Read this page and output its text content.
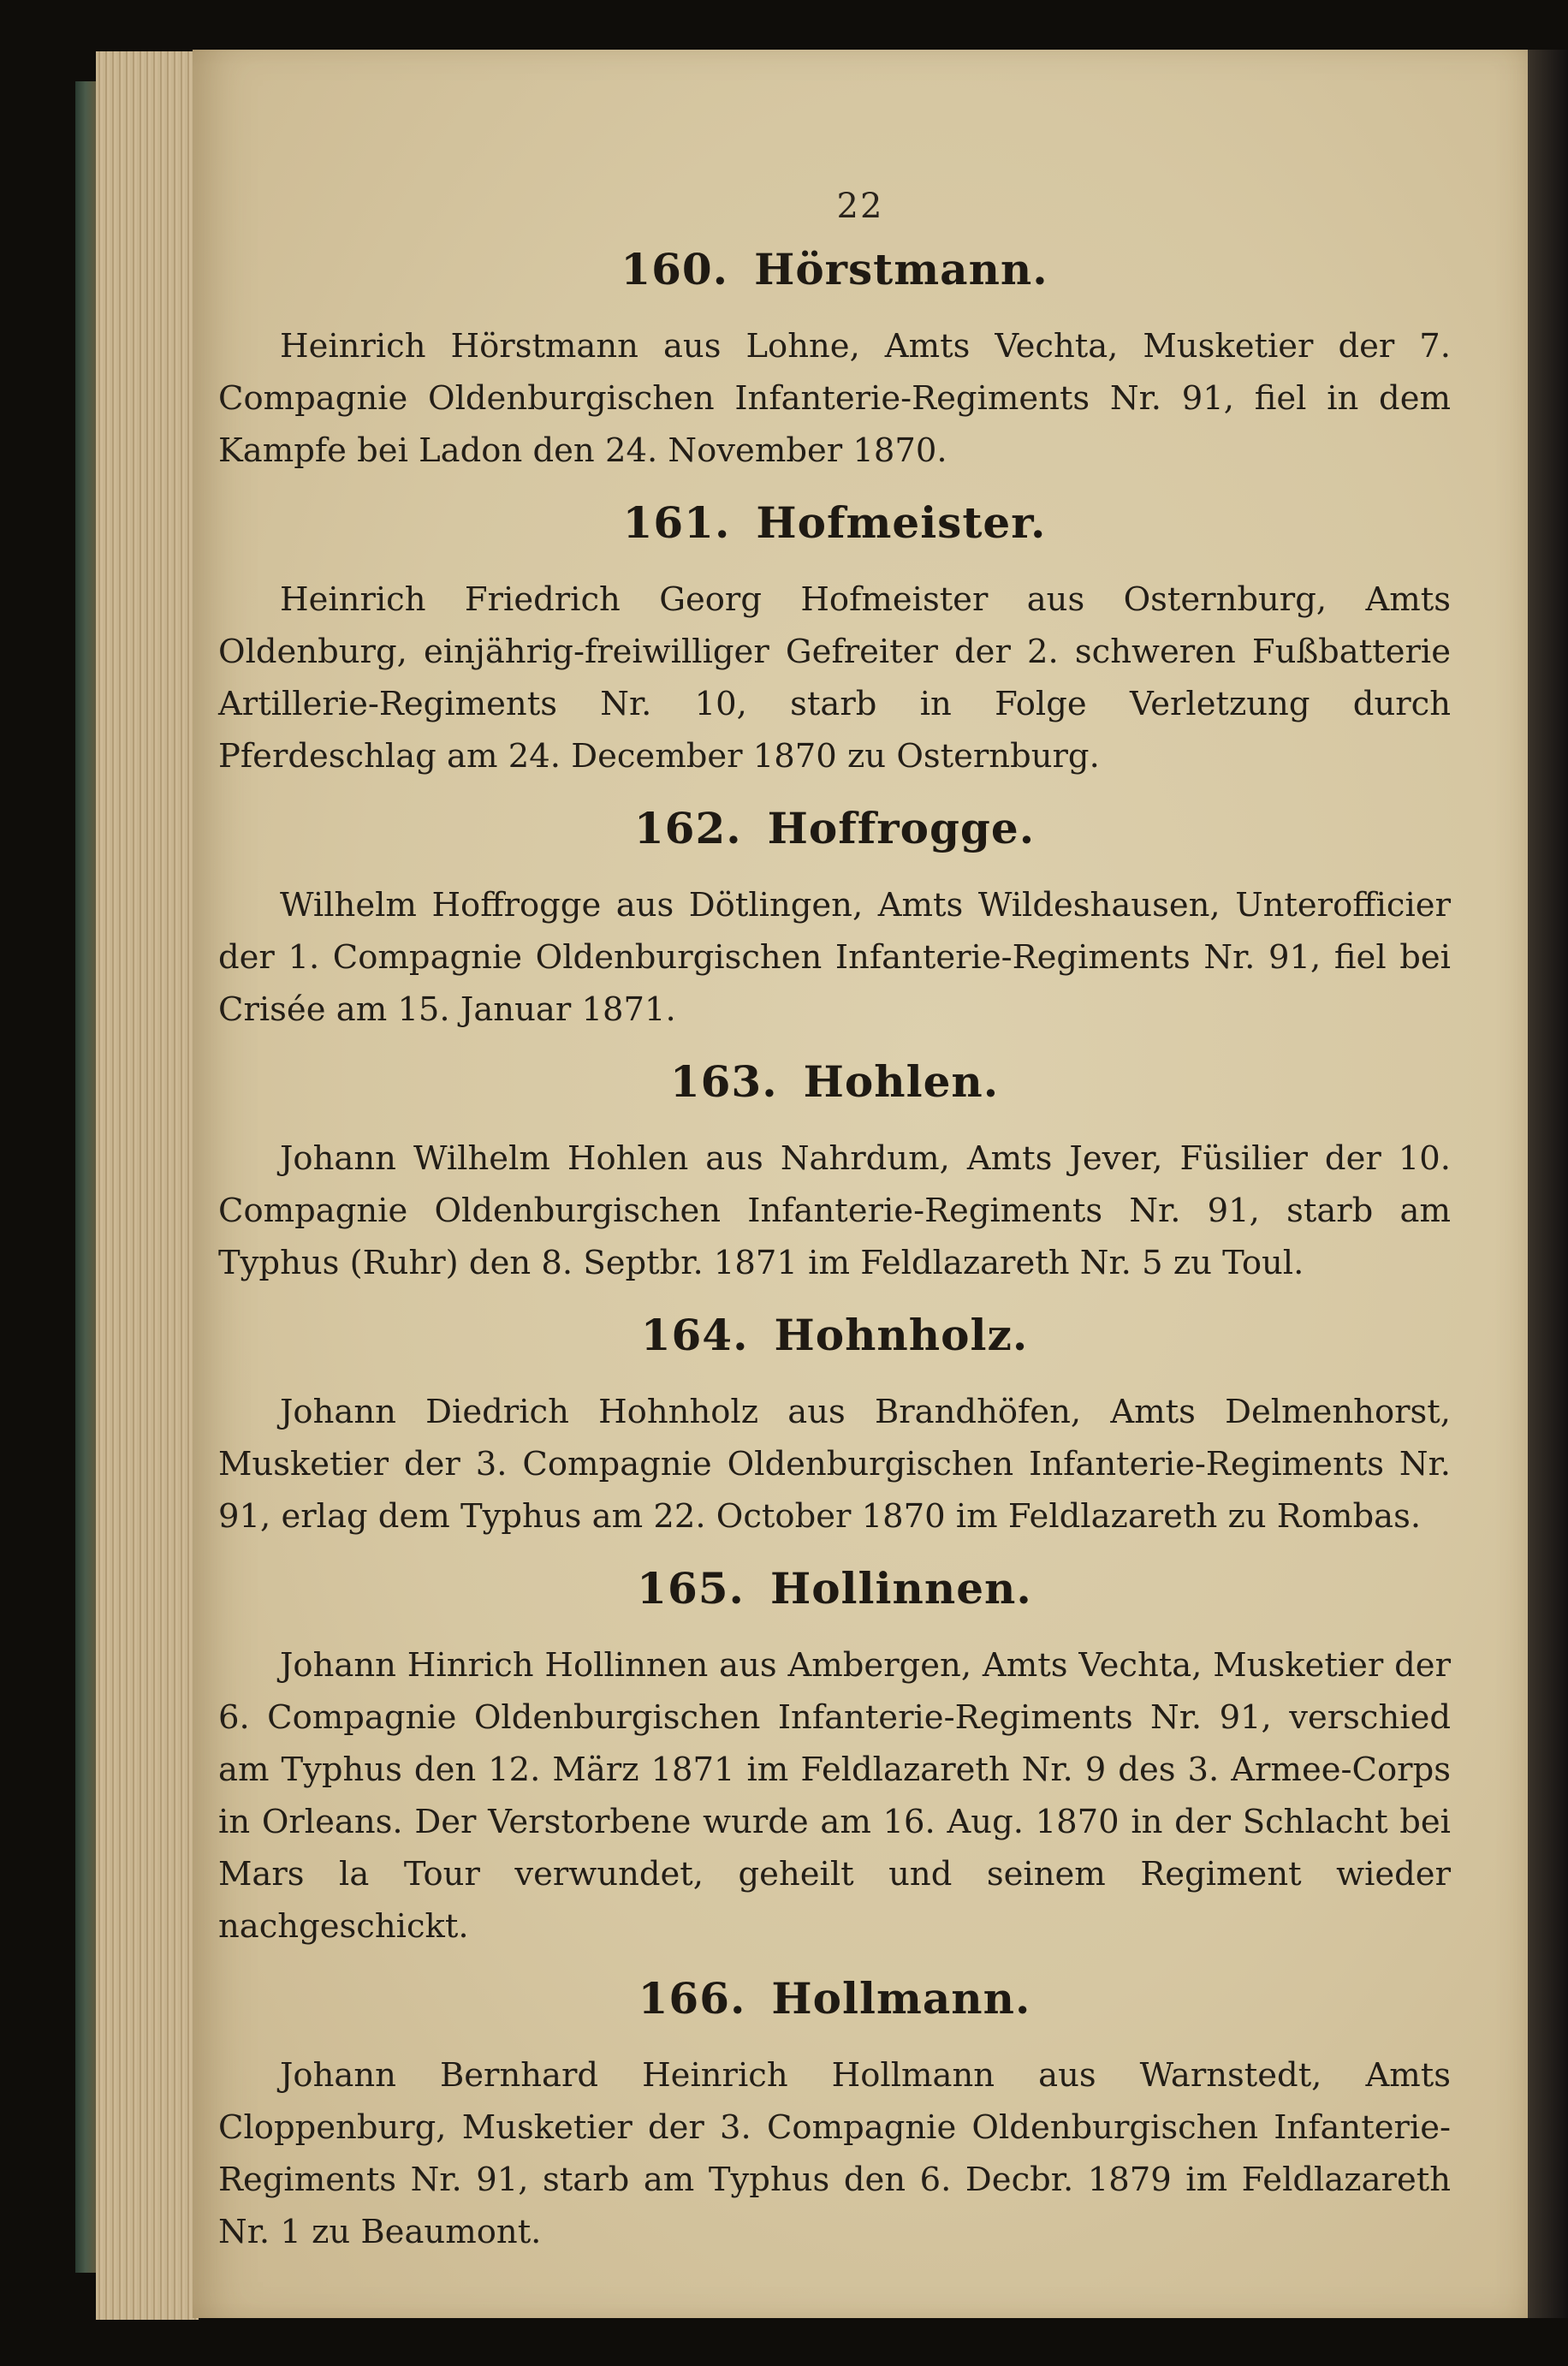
22
160. Hörstmann.

Heinrich Hörstmann aus Lohne, Amts Vechta, Musketier der 7. Compagnie Oldenburgischen Infanterie-Regiments Nr. 91, fiel in dem Kampfe bei Ladon den 24. November 1870.

161. Hofmeister.

Heinrich Friedrich Georg Hofmeister aus Osternburg, Amts Oldenburg, einjährig-freiwilliger Gefreiter der 2. schweren Fußbatterie Artillerie-Regiments Nr. 10, starb in Folge Verletzung durch Pferdeschlag am 24. December 1870 zu Osternburg.

162. Hoffrogge.

Wilhelm Hoffrogge aus Dötlingen, Amts Wildeshausen, Unterofficier der 1. Compagnie Oldenburgischen Infanterie-Regiments Nr. 91, fiel bei Crisée am 15. Januar 1871.

163. Hohlen.

Johann Wilhelm Hohlen aus Nahrdum, Amts Jever, Füsilier der 10. Compagnie Oldenburgischen Infanterie-Regiments Nr. 91, starb am Typhus (Ruhr) den 8. Septbr. 1871 im Feldlazareth Nr. 5 zu Toul.

164. Hohnholz.

Johann Diedrich Hohnholz aus Brandhöfen, Amts Delmenhorst, Musketier der 3. Compagnie Oldenburgischen Infanterie-Regiments Nr. 91, erlag dem Typhus am 22. October 1870 im Feldlazareth zu Rombas.

165. Hollinnen.

Johann Hinrich Hollinnen aus Ambergen, Amts Vechta, Musketier der 6. Compagnie Oldenburgischen Infanterie-Regiments Nr. 91, verschied am Typhus den 12. März 1871 im Feldlazareth Nr. 9 des 3. Armee-Corps in Orleans. Der Verstorbene wurde am 16. Aug. 1870 in der Schlacht bei Mars la Tour verwundet, geheilt und seinem Regiment wieder nachgeschickt.

166. Hollmann.

Johann Bernhard Heinrich Hollmann aus Warnstedt, Amts Cloppenburg, Musketier der 3. Compagnie Oldenburgischen Infanterie-Regiments Nr. 91, starb am Typhus den 6. Decbr. 1879 im Feldlazareth Nr. 1 zu Beaumont.
